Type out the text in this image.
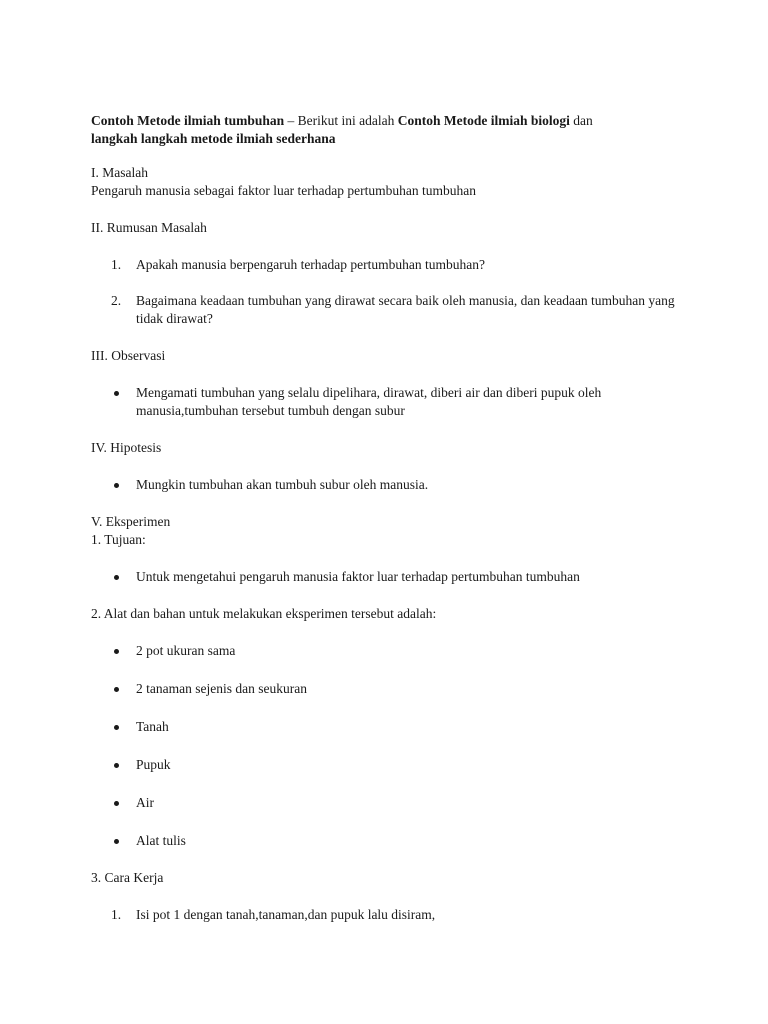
Contoh Metode ilmiah tumbuhan – Berikut ini adalah Contoh Metode ilmiah biologi dan langkah langkah metode ilmiah sederhana

I. Masalah

Pengaruh manusia sebagai faktor luar terhadap pertumbuhan tumbuhan

II. Rumusan Masalah

1. Apakah manusia berpengaruh terhadap pertumbuhan tumbuhan?
2. Bagaimana keadaan tumbuhan yang dirawat secara baik oleh manusia, dan keadaan tumbuhan yang tidak dirawat?

III. Observasi

Mengamati tumbuhan yang selalu dipelihara, dirawat, diberi air dan diberi pupuk oleh manusia,tumbuhan tersebut tumbuh dengan subur

IV. Hipotesis

Mungkin tumbuhan akan tumbuh subur oleh manusia.

V. Eksperimen

1. Tujuan:

Untuk mengetahui pengaruh manusia faktor luar terhadap pertumbuhan tumbuhan

2. Alat dan bahan untuk melakukan eksperimen tersebut adalah:

2 pot ukuran sama
2 tanaman sejenis dan seukuran
Tanah
Pupuk
Air
Alat tulis

3. Cara Kerja

1. Isi pot 1 dengan tanah,tanaman,dan pupuk lalu disiram,
